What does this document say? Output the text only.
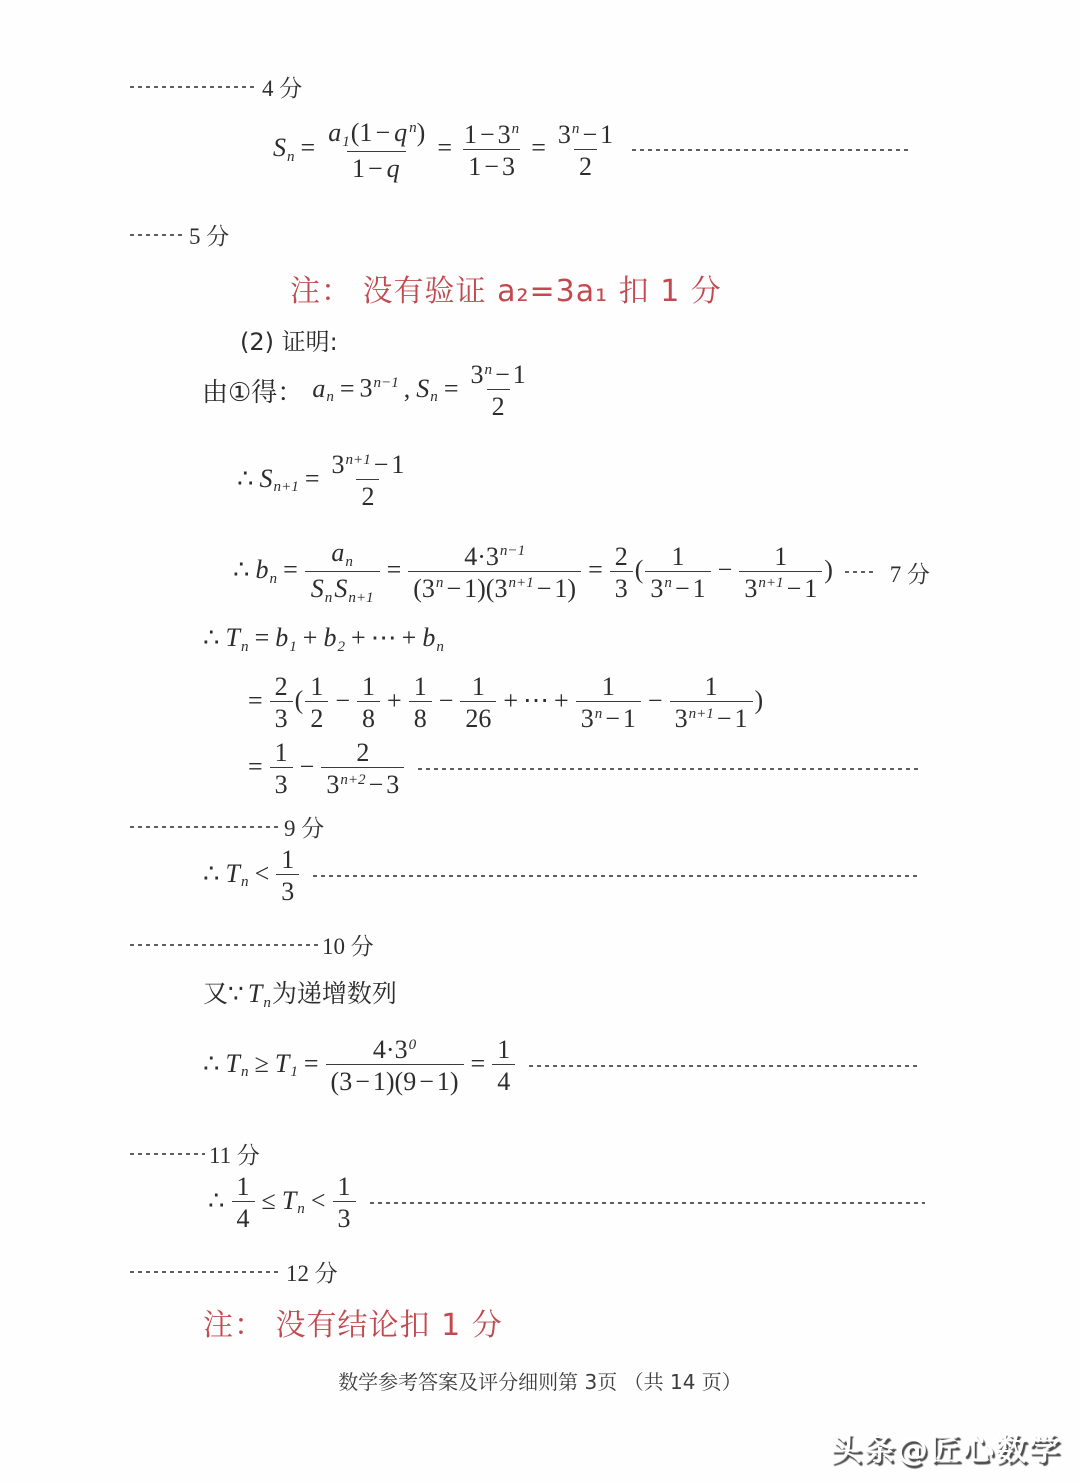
4 分
$S_n = \frac{a_1(1 - q ^n)}{1 - q} = \frac{1 - 3^n}{1 - 3} = \frac{3^n - 1}{2}$
5 分
注： 没有验证 a₂=3a₁ 扣 1 分
(2) 证明:
由①得： $a_n = 3^{n-1}$ , $S_n = \frac{3^n - 1}{2}$
∴ $S_{n+1} = \frac{3^{n+1} - 1}{2}$
∴ $b_n = \frac{a_n}{S_nS_{n+1}} = \frac{4\cdot 3^{n-1}}{(3^n - 1)(3^{n+1} - 1)} = \frac{2}{3}$ ( $\frac{1}{3^n - 1} - \frac{1}{3^{n+1} - 1}$ ) 7 分
∴ $T_n = b_1 + b_2$ + ⋯ + $b_n$
= $\frac{2}{3}$ ( $\frac{1}{2} - \frac{1}{8} + \frac{1}{8} - \frac{1}{26}$ + ⋯ + $\frac{1}{3^n - 1} - \frac{1}{3^{n+1} - 1}$ )
= $\frac{1}{3} - \frac{2}{3^{n+2} - 3}$
9 分
∴ $T_n < \frac{1}{3}$
10 分
又∵ $T_n$为递增数列
∴ $T_n \ge T_1 = \frac{4\cdot 3^0}{(3 - 1)(9 - 1)} = \frac{1}{4}$
11 分
∴ $\frac{1}{4} \le T_n < \frac{1}{3}$
12 分
注： 没有结论扣 1 分
数学参考答案及评分细则第 3页 （共 14 页）
头条@匠心数学
